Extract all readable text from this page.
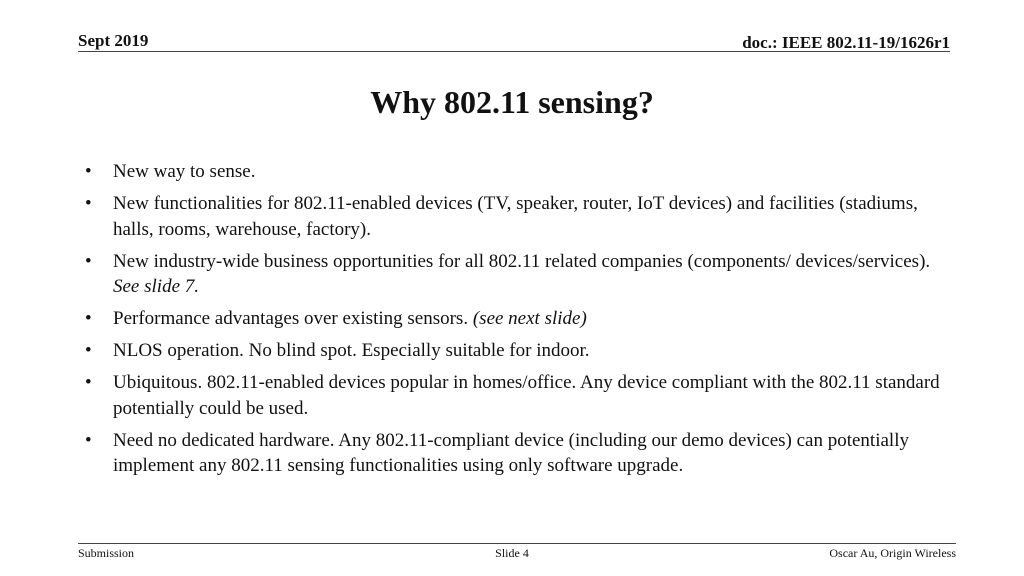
Sept 2019	doc.: IEEE 802.11-19/1626r1
Why 802.11 sensing?
• New way to sense.
• New functionalities for 802.11-enabled devices (TV, speaker, router, IoT devices) and facilities (stadiums, halls, rooms, warehouse, factory).
• New industry-wide business opportunities for all 802.11 related companies (components/ devices/services). See slide 7.
• Performance advantages over existing sensors. (see next slide)
• NLOS operation. No blind spot. Especially suitable for indoor.
• Ubiquitous. 802.11-enabled devices popular in homes/office. Any device compliant with the 802.11 standard potentially could be used.
• Need no dedicated hardware. Any 802.11-compliant device (including our demo devices) can potentially implement any 802.11 sensing functionalities using only software upgrade.
Submission	Slide 4	Oscar Au, Origin Wireless
